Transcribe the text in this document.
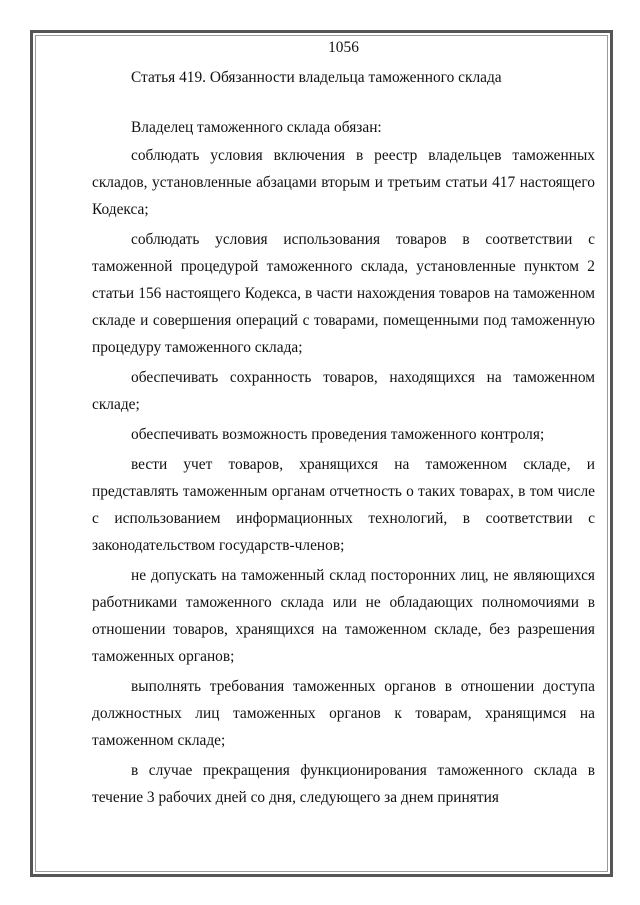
1056

Статья 419. Обязанности владельца таможенного склада

Владелец таможенного склада обязан:

соблюдать условия включения в реестр владельцев таможенных складов, установленные абзацами вторым и третьим статьи 417 настоящего Кодекса;

соблюдать условия использования товаров в соответствии с таможенной процедурой таможенного склада, установленные пунктом 2 статьи 156 настоящего Кодекса, в части нахождения товаров на таможенном складе и совершения операций с товарами, помещенными под таможенную процедуру таможенного склада;

обеспечивать сохранность товаров, находящихся на таможенном складе;

обеспечивать возможность проведения таможенного контроля;

вести учет товаров, хранящихся на таможенном складе, и представлять таможенным органам отчетность о таких товарах, в том числе с использованием информационных технологий, в соответствии с законодательством государств-членов;

не допускать на таможенный склад посторонних лиц, не являющихся работниками таможенного склада или не обладающих полномочиями в отношении товаров, хранящихся на таможенном складе, без разрешения таможенных органов;

выполнять требования таможенных органов в отношении доступа должностных лиц таможенных органов к товарам, хранящимся на таможенном складе;

в случае прекращения функционирования таможенного склада в течение 3 рабочих дней со дня, следующего за днем принятия
